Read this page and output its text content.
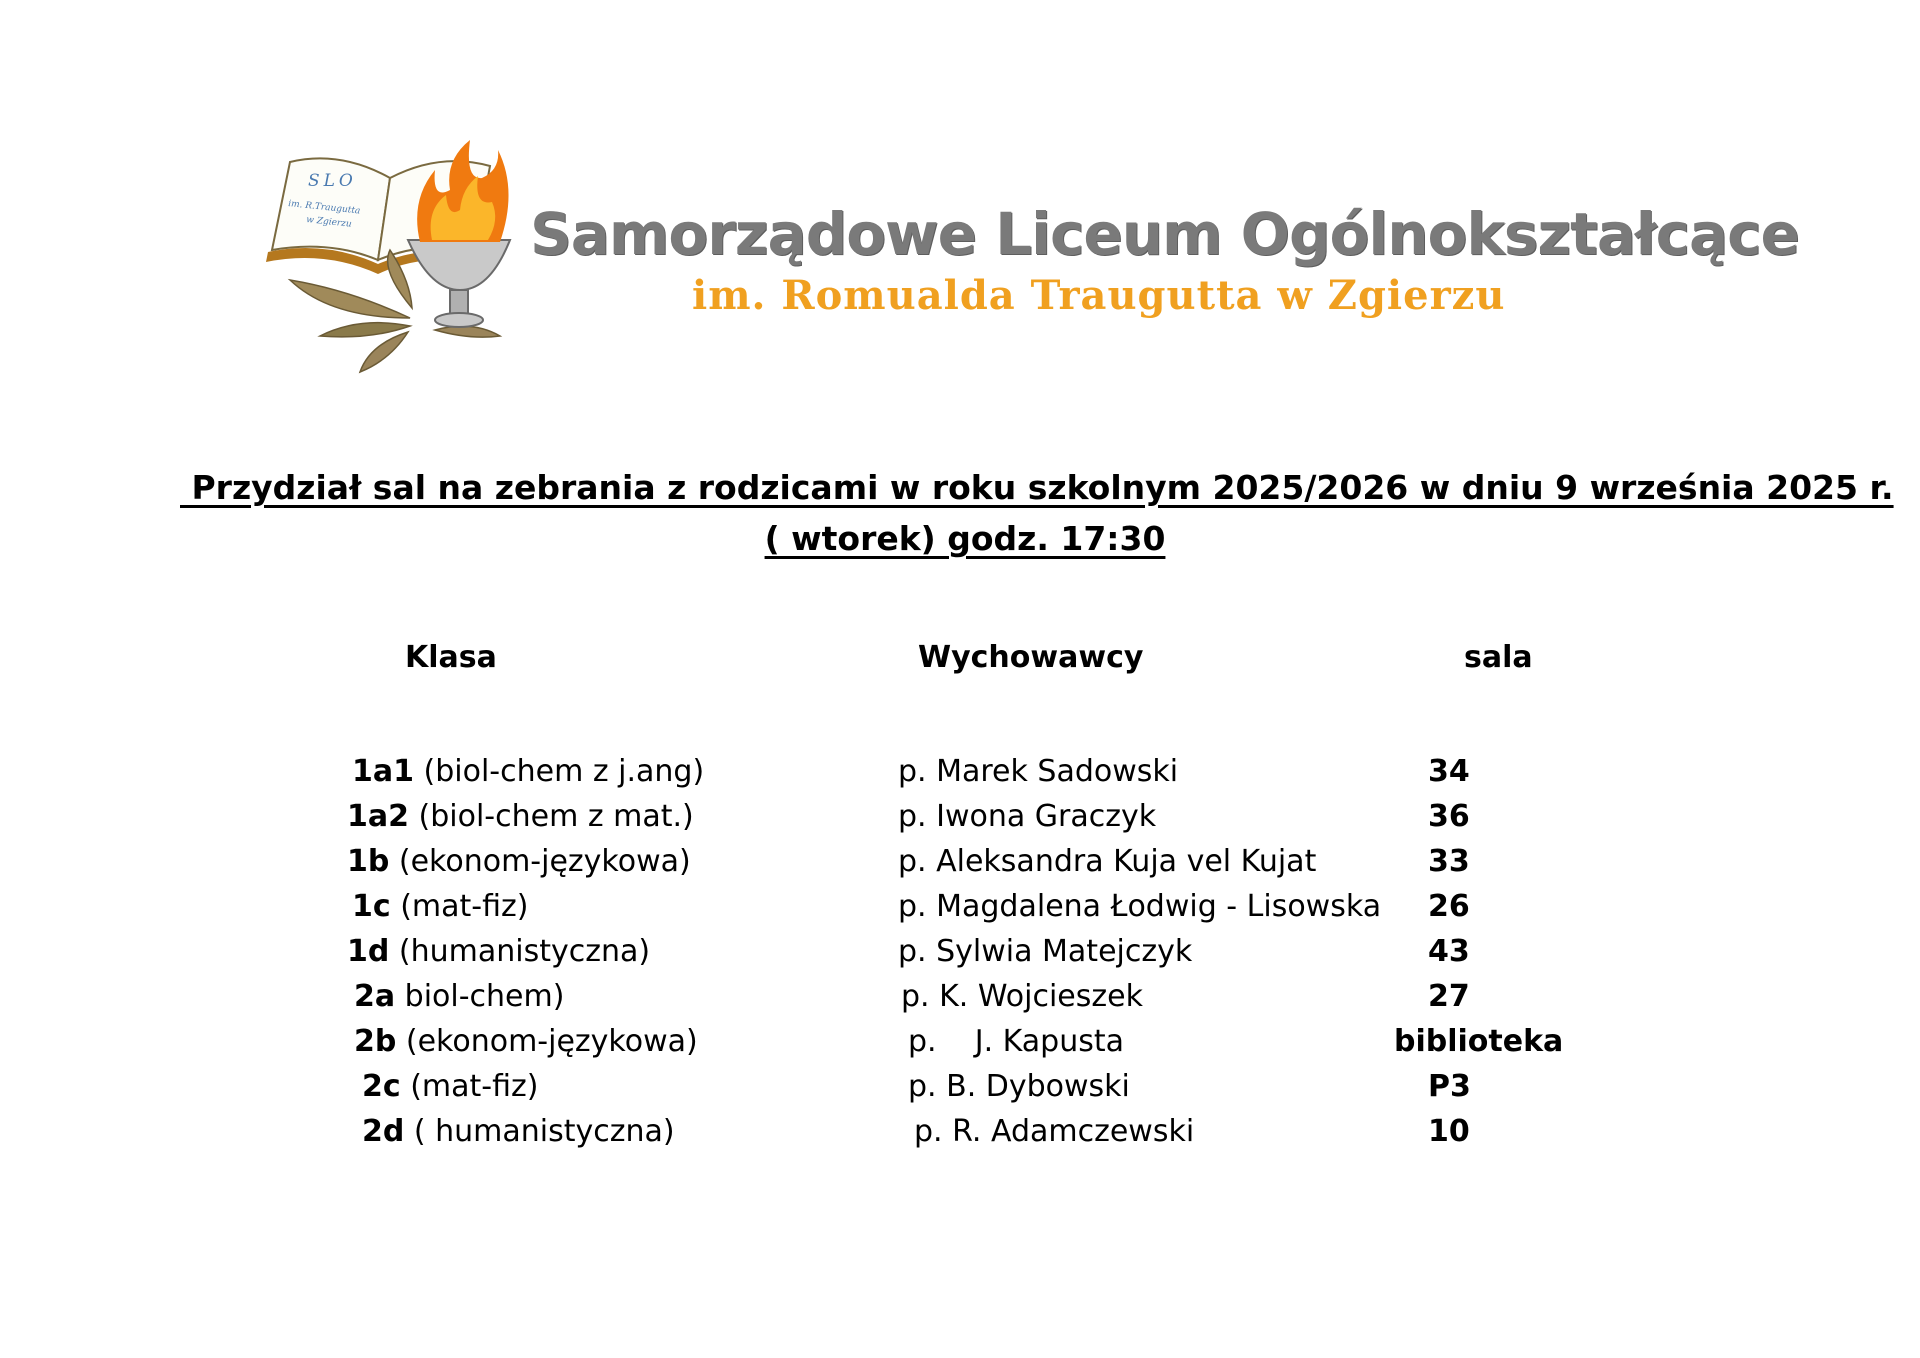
SLO
im. R.Traugutta
w Zgierzu	Samorządowe Liceum Ogólnokształcące
im. Romualda Traugutta w Zgierzu
Przydział sal na zebrania z rodzicami w roku szkolnym 2025/2026 w dniu 9 września 2025 r.
( wtorek) godz. 17:30
Klasa	Wychowawcy	sala
1a1 (biol-chem z j.ang)	p. Marek Sadowski	34
1a2 (biol-chem z mat.)	p. Iwona Graczyk	36
1b (ekonom-językowa)	p. Aleksandra Kuja vel Kujat	33
1c (mat-fiz)	p. Magdalena Łodwig - Lisowska 26
1d (humanistyczna)	p. Sylwia Matejczyk	43
2a biol-chem)	p. K. Wojcieszek	27
2b (ekonom-językowa)	p.    J. Kapusta	biblioteka
2c (mat-fiz)	p. B. Dybowski	P3
2d ( humanistyczna)	p. R. Adamczewski	10
